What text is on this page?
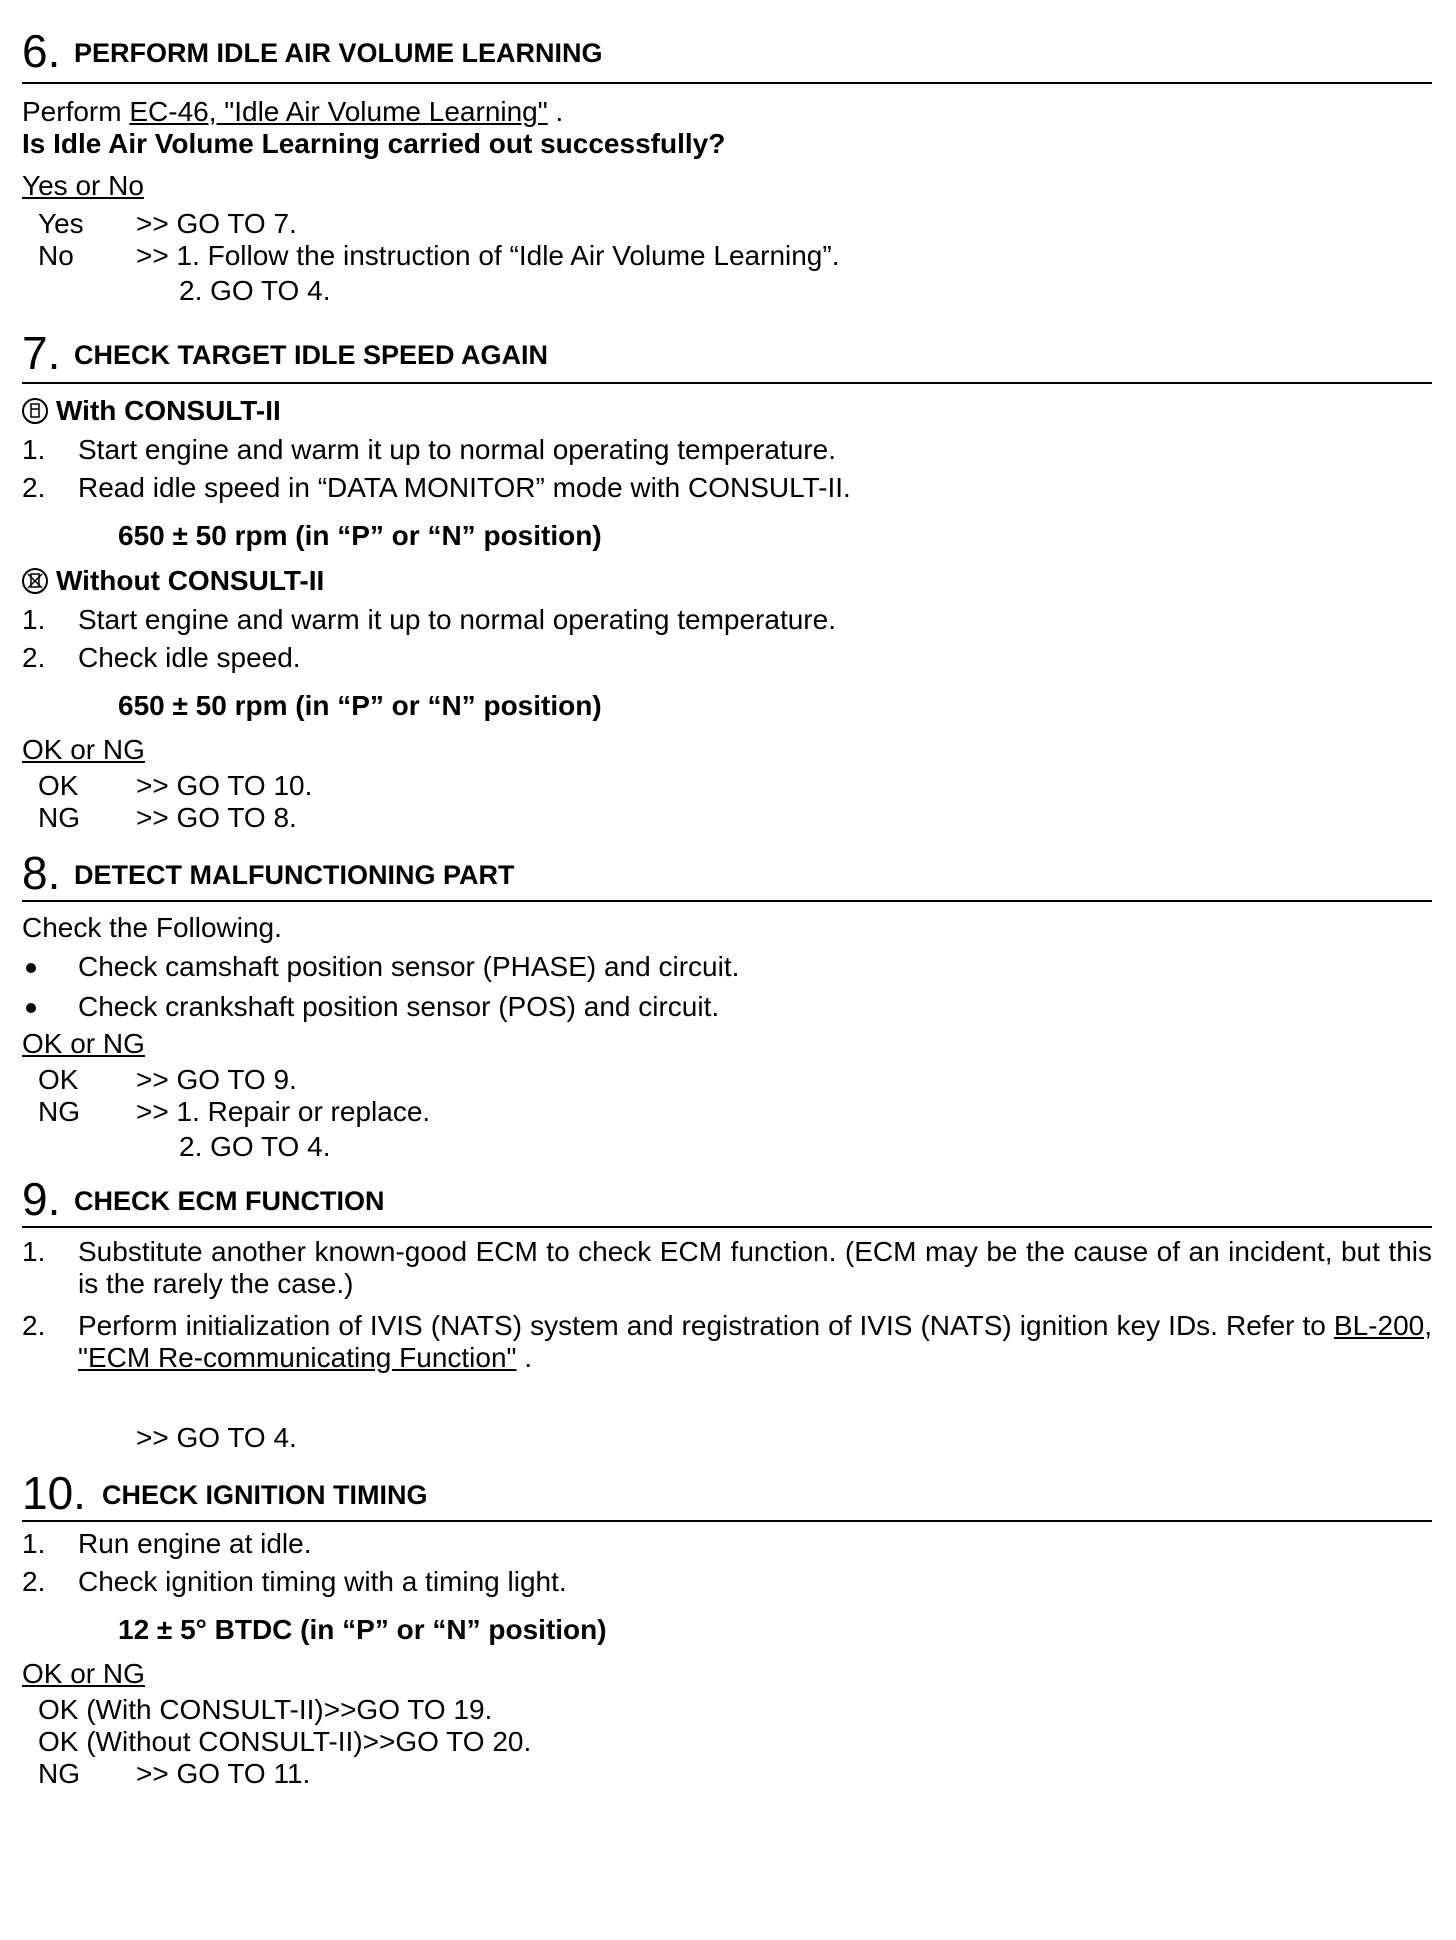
6. PERFORM IDLE AIR VOLUME LEARNING
Perform EC-46, "Idle Air Volume Learning" .
Is Idle Air Volume Learning carried out successfully?
Yes or No
Yes	>> GO TO 7.
No	>> 1. Follow the instruction of “Idle Air Volume Learning”.
2. GO TO 4.
7. CHECK TARGET IDLE SPEED AGAIN
With CONSULT-II
1.	Start engine and warm it up to normal operating temperature.
2.	Read idle speed in “DATA MONITOR” mode with CONSULT-II.
650 ± 50 rpm (in “P” or “N” position)
Without CONSULT-II
1.	Start engine and warm it up to normal operating temperature.
2.	Check idle speed.
650 ± 50 rpm (in “P” or “N” position)
OK or NG
OK	>> GO TO 10.
NG	>> GO TO 8.
8. DETECT MALFUNCTIONING PART
Check the Following.
Check camshaft position sensor (PHASE) and circuit.
Check crankshaft position sensor (POS) and circuit.
OK or NG
OK	>> GO TO 9.
NG	>> 1. Repair or replace.
2. GO TO 4.
9. CHECK ECM FUNCTION
1.	Substitute another known-good ECM to check ECM function. (ECM may be the cause of an incident, but this is the rarely the case.)
2.	Perform initialization of IVIS (NATS) system and registration of IVIS (NATS) ignition key IDs. Refer to BL-200, "ECM Re-communicating Function" .
>> GO TO 4.
10. CHECK IGNITION TIMING
1.	Run engine at idle.
2.	Check ignition timing with a timing light.
12 ± 5° BTDC (in “P” or “N” position)
OK or NG
OK (With CONSULT-II)>>GO TO 19.
OK (Without CONSULT-II)>>GO TO 20.
NG	>> GO TO 11.
